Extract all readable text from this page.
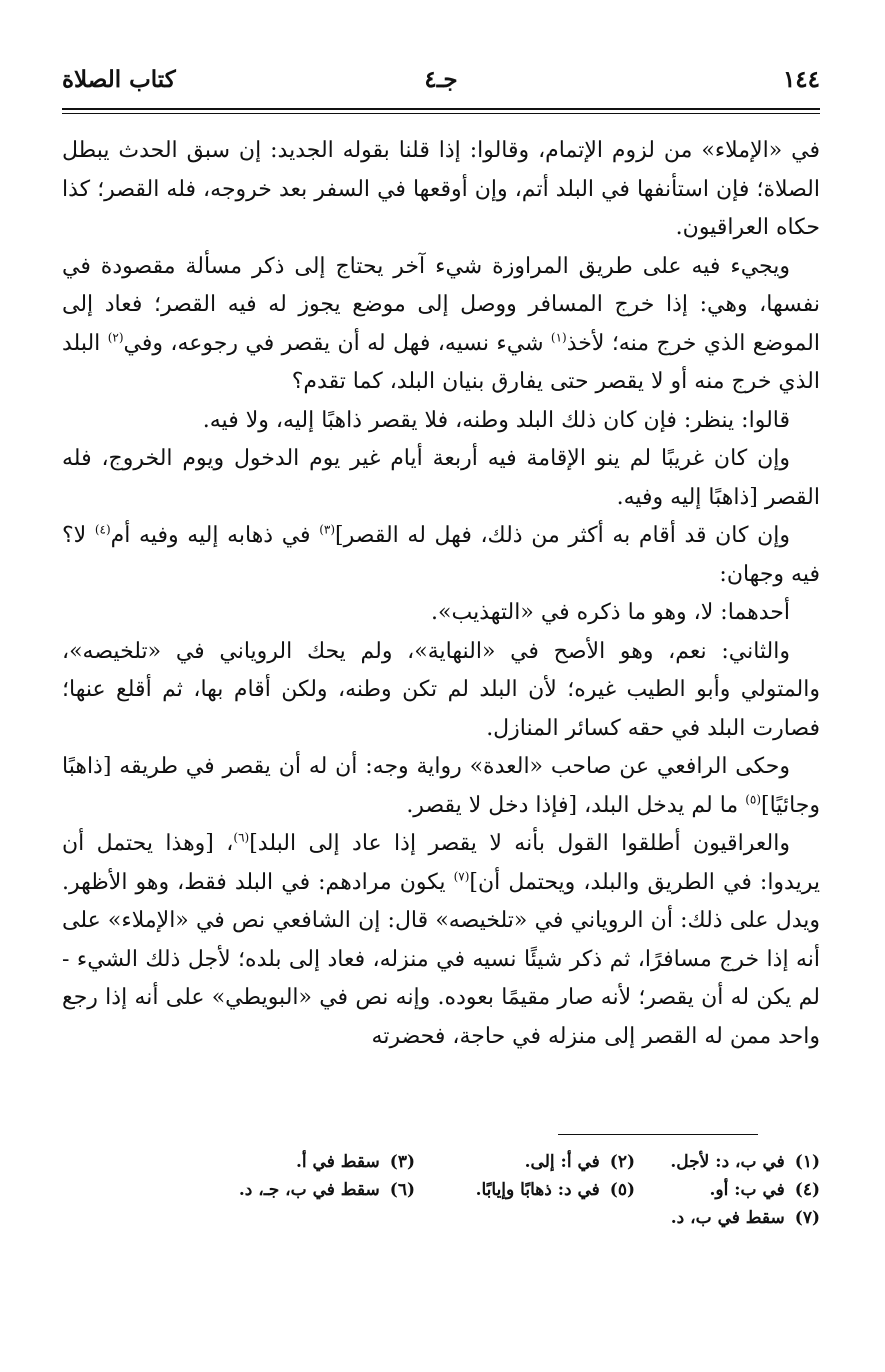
١٤٤
جـ٤
كتاب الصلاة

في «الإملاء» من لزوم الإتمام، وقالوا: إذا قلنا بقوله الجديد: إن سبق الحدث يبطل الصلاة؛ فإن استأنفها في البلد أتم، وإن أوقعها في السفر بعد خروجه، فله القصر؛ كذا حكاه العراقيون.

ويجيء فيه على طريق المراوزة شيء آخر يحتاج إلى ذكر مسألة مقصودة في نفسها، وهي: إذا خرج المسافر ووصل إلى موضع يجوز له فيه القصر؛ فعاد إلى الموضع الذي خرج منه؛ لأخذ$^{(١)}$ شيء نسيه، فهل له أن يقصر في رجوعه، وفي$^{(٢)}$ البلد الذي خرج منه أو لا يقصر حتى يفارق بنيان البلد، كما تقدم؟

قالوا: ينظر: فإن كان ذلك البلد وطنه، فلا يقصر ذاهبًا إليه، ولا فيه.

وإن كان غريبًا لم ينو الإقامة فيه أربعة أيام غير يوم الدخول ويوم الخروج، فله القصر [ذاهبًا إليه وفيه.

وإن كان قد أقام به أكثر من ذلك، فهل له القصر]$^{(٣)}$ في ذهابه إليه وفيه أم$^{(٤)}$ لا؟ فيه وجهان:

أحدهما: لا، وهو ما ذكره في «التهذيب».

والثاني: نعم، وهو الأصح في «النهاية»، ولم يحك الروياني في «تلخيصه»، والمتولي وأبو الطيب غيره؛ لأن البلد لم تكن وطنه، ولكن أقام بها، ثم أقلع عنها؛ فصارت البلد في حقه كسائر المنازل.

وحكى الرافعي عن صاحب «العدة» رواية وجه: أن له أن يقصر في طريقه [ذاهبًا وجائيًا]$^{(٥)}$ ما لم يدخل البلد، [فإذا دخل لا يقصر.

والعراقيون أطلقوا القول بأنه لا يقصر إذا عاد إلى البلد]$^{(٦)}$، [وهذا يحتمل أن يريدوا: في الطريق والبلد، ويحتمل أن]$^{(٧)}$ يكون مرادهم: في البلد فقط، وهو الأظهر. ويدل على ذلك: أن الروياني في «تلخيصه» قال: إن الشافعي نص في «الإملاء» على أنه إذا خرج مسافرًا، ثم ذكر شيئًا نسيه في منزله، فعاد إلى بلده؛ لأجل ذلك الشيء - لم يكن له أن يقصر؛ لأنه صار مقيمًا بعوده. وإنه نص في «البويطي» على أنه إذا رجع واحد ممن له القصر إلى منزله في حاجة، فحضرته

(١)في ب، د: لأجل.
(٢)في أ: إلى.
(٣)سقط في أ.
(٤)في ب: أو.
(٥)في د: ذهابًا وإيابًا.
(٦)سقط في ب، جـ، د.
(٧)سقط في ب، د.
